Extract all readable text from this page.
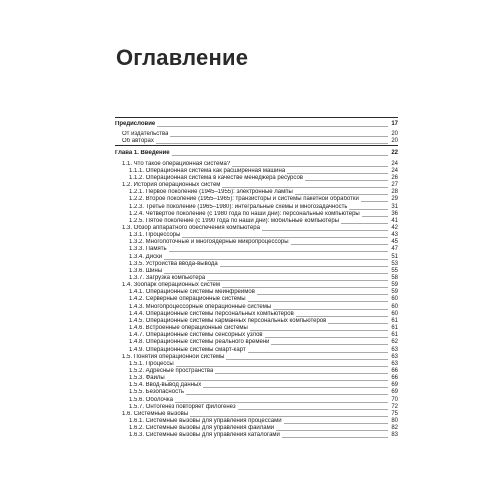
Оглавление
Предисловие	17
От издательства	20
Об авторах	20
Глава 1. Введение	22
1.1. Что такое операционная система?	24
1.1.1. Операционная система как расширенная машина	24
1.1.2. Операционная система в качестве менеджера ресурсов	26
1.2. История операционных систем	27
1.2.1. Первое поколение (1945–1955): электронные лампы	28
1.2.2. Второе поколение (1955–1965): транзисторы и системы пакетной обработки	29
1.2.3. Третье поколение (1965–1980): интегральные схемы и многозадачность	31
1.2.4. Четвертое поколение (с 1980 года по наши дни): персональные компьютеры	36
1.2.5. Пятое поколение (с 1990 года по наши дни): мобильные компьютеры	41
1.3. Обзор аппаратного обеспечения компьютера	42
1.3.1. Процессоры	43
1.3.2. Многопоточные и многоядерные микропроцессоры	45
1.3.3. Память	47
1.3.4. Диски	51
1.3.5. Устройства ввода-вывода	53
1.3.6. Шины	55
1.3.7. Загрузка компьютера	58
1.4. Зоопарк операционных систем	59
1.4.1. Операционные системы мейнфреймов	59
1.4.2. Серверные операционные системы	60
1.4.3. Многопроцессорные операционные системы	60
1.4.4. Операционные системы персональных компьютеров	60
1.4.5. Операционные системы карманных персональных компьютеров	61
1.4.6. Встроенные операционные системы	61
1.4.7. Операционные системы сенсорных узлов	61
1.4.8. Операционные системы реального времени	62
1.4.9. Операционные системы смарт-карт	63
1.5. Понятия операционной системы	63
1.5.1. Процессы	63
1.5.2. Адресные пространства	66
1.5.3. Файлы	66
1.5.4. Ввод-вывод данных	69
1.5.5. Безопасность	69
1.5.6. Оболочка	70
1.5.7. Онтогенез повторяет филогенез	72
1.6. Системные вызовы	75
1.6.1. Системные вызовы для управления процессами	80
1.6.2. Системные вызовы для управления файлами	82
1.6.3. Системные вызовы для управления каталогами	83
